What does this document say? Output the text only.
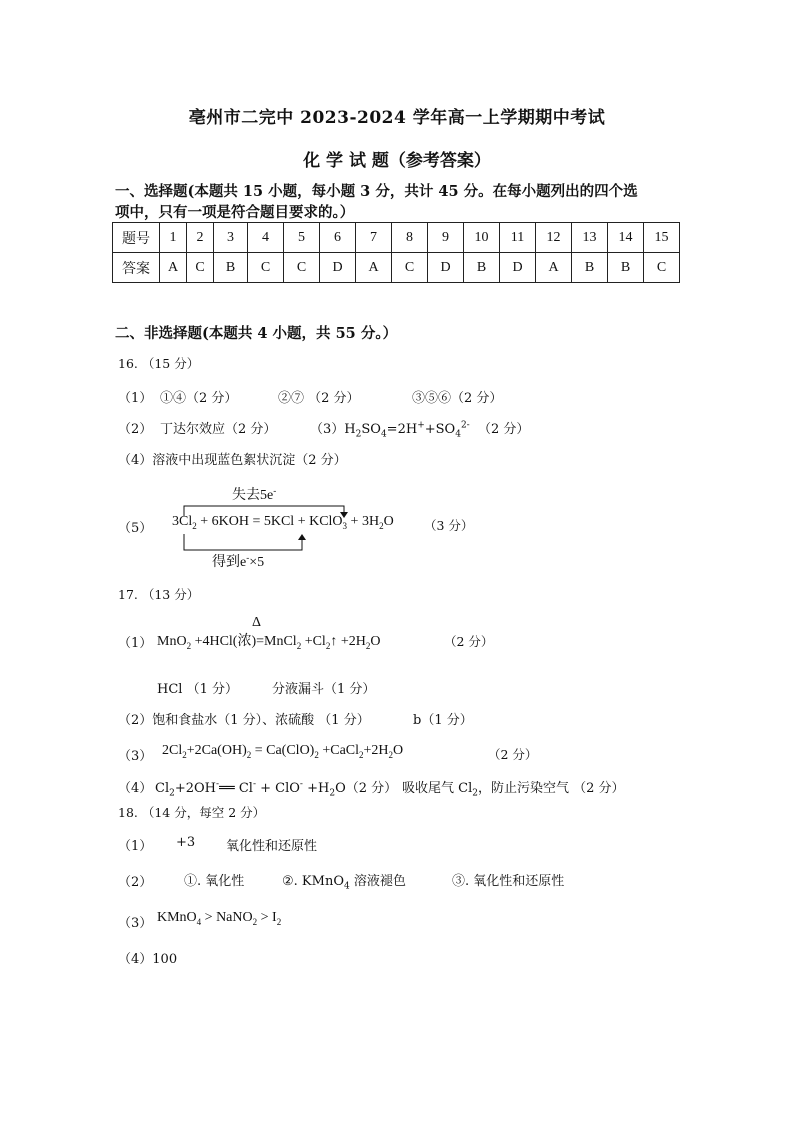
亳州市二完中 2023-2024 学年高一上学期期中考试
化 学 试 题（参考答案）
一、选择题(本题共 15 小题，每小题 3 分，共计 45 分。在每小题列出的四个选
项中，只有一项是符合题目要求的。）
题号	1	2	3	4	5	6	7	8	9	10	11	12	13	14	15
答案	A	C	B	C	C	D	A	C	D	B	D	A	B	B	C
二、非选择题(本题共 4 小题，共 55 分。）
16. （15 分）
（1） ①④（2 分）	②⑦ （2 分）	③⑤⑥（2 分）
（2） 丁达尔效应（2 分）	$(3)H_2SO_4=2H^++SO_4^{2-}$ （2 分）
（4）溶液中出现蓝色絮状沉淀（2 分）
（5）
失去5e-
$3Cl_2 + 6KOH = 5KCl$ + KClO$_3$ + $3H_2O$ （3 分）
得到e-×5
17. （13 分）
（1）
Δ
MnO$_2$ +4HCl(浓)=MnCl$_2$ $+Cl_2↑ +2H_2O$	（2 分）
HCl （1 分）	分液漏斗（1 分）
（2）饱和食盐水（1 分）、浓硫酸 （1 分）	b（1 分）
（3） $2Cl_2+2Ca(OH)_2 = Ca(ClO)_2$ $+CaCl_2+2H_2O$	（2 分）
（4） $Cl_2+2OH^-══$ $Cl^- + ClO^- +H_2O(2$ 分） 吸收尾气 $Cl_2$，防止污染空气 （2 分）
18. （14 分，每空 2 分）
（1） +3 氧化性和还原性
（2） ①. 氧化性	②. KMnO$_4$ 溶液褪色	③. 氧化性和还原性
（3） KMnO$_4$ > NaNO$_2$ > $I_2$
（4）100
